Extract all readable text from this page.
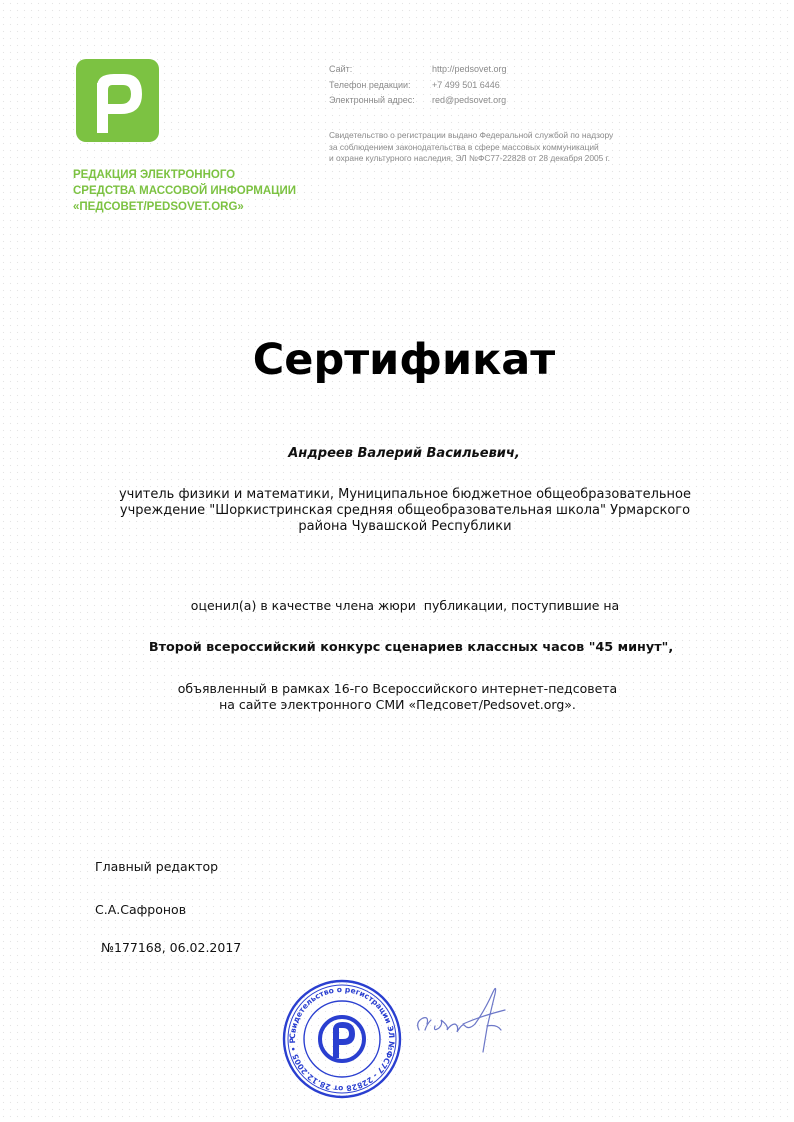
РЕДАКЦИЯ ЭЛЕКТРОННОГО
СРЕДСТВА МАССОВОЙ ИНФОРМАЦИИ
«ПЕДСОВЕТ/PEDSOVET.ORG»
Сайт:	http://pedsovet.org
Телефон редакции:	+7 499 501 6446
Электронный адрес:	red@pedsovet.org
Свидетельство о регистрации выдано Федеральной службой по надзору
за соблюдением законодательства в сфере массовых коммуникаций
и охране культурного наследия, ЭЛ №ФС77-22828 от 28 декабря 2005 г.
Сертификат
Андреев Валерий Васильевич,
учитель физики и математики, Муниципальное бюджетное общеобразовательное
учреждение "Шоркистринская средняя общеобразовательная школа" Урмарского
района Чувашской Республики
оценил(а) в качестве члена жюри  публикации, поступившие на
Второй всероссийский конкурс сценариев классных часов "45 минут",
объявленный в рамках 16-го Всероссийского интернет-педсовета
на сайте электронного СМИ «Педсовет/Pedsovet.org».
Главный редактор
С.А.Сафронов
№177168, 06.02.2017
Свидетельство о регистрации ЭЛ №ФС77 - 22828 от 28.12.2005 • Р
